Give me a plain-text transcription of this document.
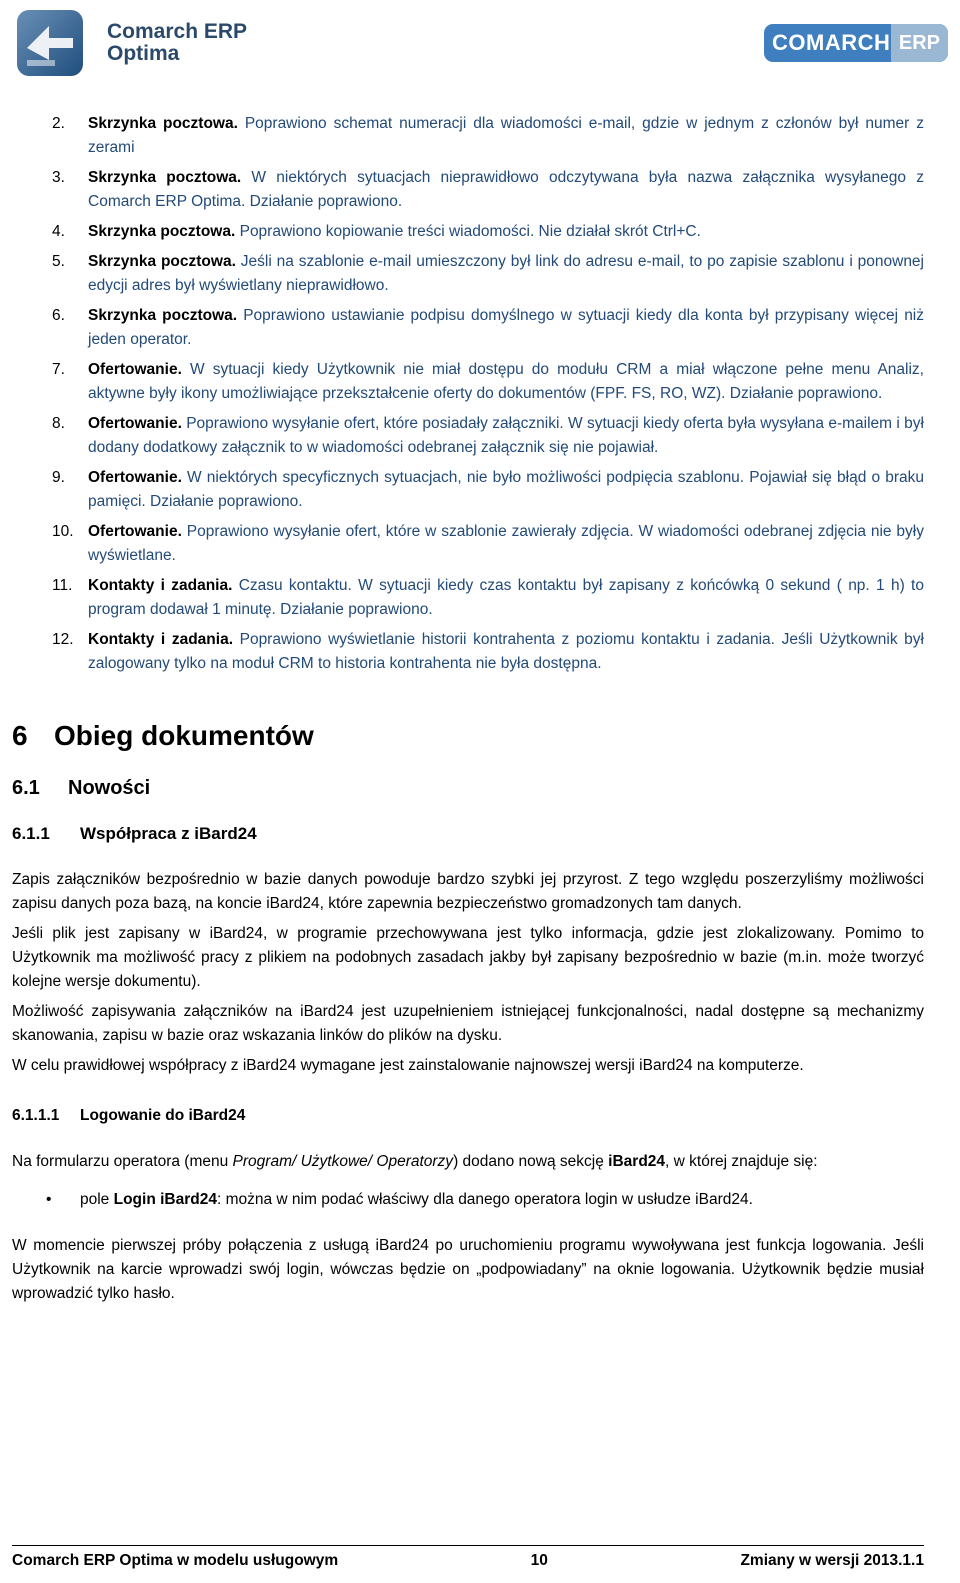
Comarch ERP
Optima	COMARCH ERP
2. Skrzynka pocztowa. Poprawiono schemat numeracji dla wiadomości e-mail, gdzie w jednym z członów był numer z zerami
3. Skrzynka pocztowa. W niektórych sytuacjach nieprawidłowo odczytywana była nazwa załącznika wysyłanego z Comarch ERP Optima. Działanie poprawiono.
4. Skrzynka pocztowa. Poprawiono kopiowanie treści wiadomości. Nie działał skrót Ctrl+C.
5. Skrzynka pocztowa. Jeśli na szablonie e-mail umieszczony był link do adresu e-mail, to po zapisie szablonu i ponownej edycji adres był wyświetlany nieprawidłowo.
6. Skrzynka pocztowa. Poprawiono ustawianie podpisu domyślnego w sytuacji kiedy dla konta był przypisany więcej niż jeden operator.
7. Ofertowanie. W sytuacji kiedy Użytkownik nie miał dostępu do modułu CRM a miał włączone pełne menu Analiz, aktywne były ikony umożliwiające przekształcenie oferty do dokumentów (FPF. FS, RO, WZ). Działanie poprawiono.
8. Ofertowanie. Poprawiono wysyłanie ofert, które posiadały załączniki. W sytuacji kiedy oferta była wysyłana e-mailem i był dodany dodatkowy załącznik to w wiadomości odebranej załącznik się nie pojawiał.
9. Ofertowanie. W niektórych specyficznych sytuacjach, nie było możliwości podpięcia szablonu. Pojawiał się błąd o braku pamięci. Działanie poprawiono.
10. Ofertowanie. Poprawiono wysyłanie ofert, które w szablonie zawierały zdjęcia. W wiadomości odebranej zdjęcia nie były wyświetlane.
11. Kontakty i zadania. Czasu kontaktu. W sytuacji kiedy czas kontaktu był zapisany z końcówką 0 sekund ( np. 1 h) to program dodawał 1 minutę. Działanie poprawiono.
12. Kontakty i zadania. Poprawiono wyświetlanie historii kontrahenta z poziomu kontaktu i zadania. Jeśli Użytkownik był zalogowany tylko na moduł CRM to historia kontrahenta nie była dostępna.
6 Obieg dokumentów
6.1 Nowości
6.1.1 Współpraca z iBard24

Zapis załączników bezpośrednio w bazie danych powoduje bardzo szybki jej przyrost. Z tego względu poszerzyliśmy możliwości zapisu danych poza bazą, na koncie iBard24, które zapewnia bezpieczeństwo gromadzonych tam danych.

Jeśli plik jest zapisany w iBard24, w programie przechowywana jest tylko informacja, gdzie jest zlokalizowany. Pomimo to Użytkownik ma możliwość pracy z plikiem na podobnych zasadach jakby był zapisany bezpośrednio w bazie (m.in. może tworzyć kolejne wersje dokumentu).

Możliwość zapisywania załączników na iBard24 jest uzupełnieniem istniejącej funkcjonalności, nadal dostępne są mechanizmy skanowania, zapisu w bazie oraz wskazania linków do plików na dysku.

W celu prawidłowej współpracy z iBard24 wymagane jest zainstalowanie najnowszej wersji iBard24 na komputerze.

6.1.1.1 Logowanie do iBard24

Na formularzu operatora (menu Program/ Użytkowe/ Operatorzy) dodano nową sekcję iBard24, w której znajduje się:

• pole Login iBard24: można w nim podać właściwy dla danego operatora login w usłudze iBard24.

W momencie pierwszej próby połączenia z usługą iBard24 po uruchomieniu programu wywoływana jest funkcja logowania. Jeśli Użytkownik na karcie wprowadzi swój login, wówczas będzie on „podpowiadany” na oknie logowania. Użytkownik będzie musiał wprowadzić tylko hasło.

Comarch ERP Optima w modelu usługowym	10	Zmiany w wersji 2013.1.1
